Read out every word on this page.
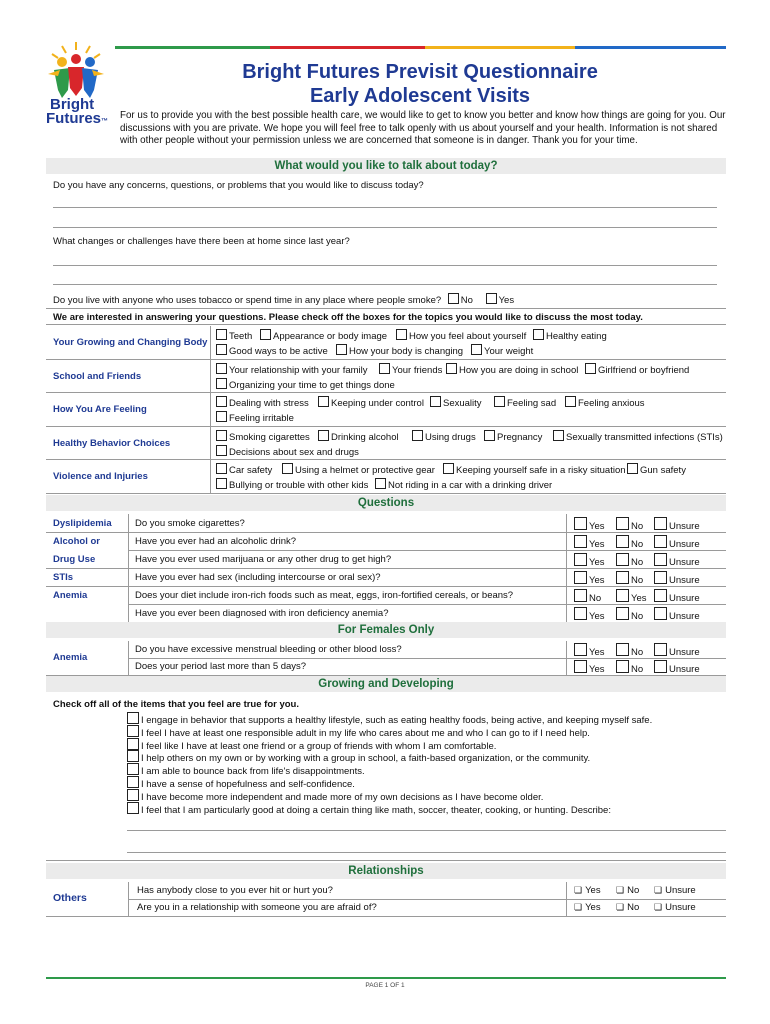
Bright
Futures™
Bright Futures Previsit Questionnaire
Early Adolescent Visits
For us to provide you with the best possible health care, we would like to get to know you better and know how things are going for you. Our discussions with you are private. We hope you will feel free to talk openly with us about yourself and your health. Information is not shared with other people without your permission unless we are concerned that someone is in danger. Thank you for your time.
What would you like to talk about today?
Do you have any concerns, questions, or problems that you would like to discuss today?
What changes or challenges have there been at home since last year?
Do you live with anyone who uses tobacco or spend time in any place where people smoke? No	Yes
We are interested in answering your questions. Please check off the boxes for the topics you would like to discuss the most today.
Your Growing and Changing Body
Teeth	Appearance or body image	How you feel about yourself	Healthy eating
Good ways to be active	How your body is changing	Your weight
School and Friends
Your relationship with your family	Your friends	How you are doing in school	Girlfriend or boyfriend
Organizing your time to get things done
How You Are Feeling
Dealing with stress	Keeping under control	Sexuality	Feeling sad	Feeling anxious
Feeling irritable
Healthy Behavior Choices
Smoking cigarettes	Drinking alcohol	Using drugs	Pregnancy	Sexually transmitted infections (STIs)
Decisions about sex and drugs
Violence and Injuries
Car safety	Using a helmet or protective gear	Keeping yourself safe in a risky situation	Gun safety
Bullying or trouble with other kids	Not riding in a car with a drinking driver
Questions
Dyslipidemia Do you smoke cigarettes?	Yes	No	Unsure
Alcohol or	Have you ever had an alcoholic drink?	Yes	No	Unsure
Drug Use	Have you ever used marijuana or any other drug to get high?	Yes	No	Unsure
STIs	Have you ever had sex (including intercourse or oral sex)?	Yes	No	Unsure
Anemia	Does your diet include iron-rich foods such as meat, eggs, iron-fortified cereals, or beans?	No	Yes	Unsure
Have you ever been diagnosed with iron deficiency anemia?	Yes	No	Unsure
For Females Only
Anemia
Do you have excessive menstrual bleeding or other blood loss?	Yes	No	Unsure
Does your period last more than 5 days?	Yes	No	Unsure
Growing and Developing
Check off all of the items that you feel are true for you.
I engage in behavior that supports a healthy lifestyle, such as eating healthy foods, being active, and keeping myself safe.
I feel I have at least one responsible adult in my life who cares about me and who I can go to if I need help.
I feel like I have at least one friend or a group of friends with whom I am comfortable.
I help others on my own or by working with a group in school, a faith-based organization, or the community.
I am able to bounce back from life's disappointments.
I have a sense of hopefulness and self-confidence.
I have become more independent and made more of my own decisions as I have become older.
I feel that I am particularly good at doing a certain thing like math, soccer, theater, cooking, or hunting. Describe:
Relationships
Others
Has anybody close to you ever hit or hurt you?	❏ Yes ❏ No ❏ Unsure
Are you in a relationship with someone you are afraid of?	❏ Yes ❏ No ❏ Unsure
PAGE 1 OF 1
